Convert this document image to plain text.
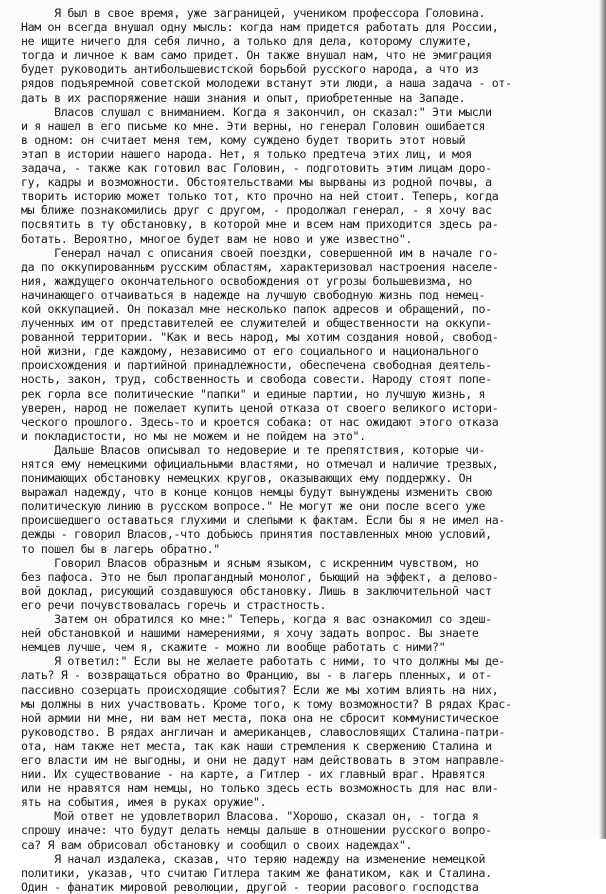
Я был в свое время, уже заграницей, учеником профессора Головина.
Нам он всегда внушал одну мысль: когда нам придется работать для России,
не ищите ничего для себя лично, а только для дела, которому служите,
тогда и личное к вам само придет. Он также внушал нам, что не эмиграция
будет руководить антибольшевистской борьбой русского народа, а что из
рядов подъяремной советской молодежи встанут эти люди, а наша задача - от-
дать в их распоряжение наши знания и опыт, приобретенные на Западе.
Власов слушал с вниманием. Когда я закончил, он сказал:" Эти мысли
и я нашел в его письме ко мне. Эти верны, но генерал Головин ошибается
в одном: он считает меня тем, кому суждено будет творить этот новый
этап в истории нашего народа. Нет, я только предтеча этих лиц, и моя
задача, - также как готовил вас Головин, - подготовить этим лицам доро-
гу, кадры и возможности. Обстоятельствами мы вырваны из родной почвы, а
творить историю может только тот, кто прочно на ней стоит. Теперь, когда
мы ближе познакомились друг с другом, - продолжал генерал, - я хочу вас
посвятить в ту обстановку, в которой мне и всем нам приходится здесь ра-
ботать. Вероятно, многое будет вам не ново и уже известно".
Генерал начал с описания своей поездки, совершенной им в начале го-
да по оккупированным русским областям, характеризовал настроения населе-
ния, жаждущего окончательного освобождения от угрозы большевизма, но
начинающего отчаиваться в надежде на лучшую свободную жизнь под немец-
кой оккупацией. Он показал мне несколько папок адресов и обращений, по-
лученных им от представителей ее служителей и общественности на оккупи-
рованной территории. "Как и весь народ, мы хотим создания новой, свобод-
ной жизни, где каждому, независимо от его социального и национального
происхождения и партийной принадлежности, обеспечена свободная деятель-
ность, закон, труд, собственность и свобода совести. Народу стоят попе-
рек горла все политические "папки" и единые партии, но лучшую жизнь, я
уверен, народ не пожелает купить ценой отказа от своего великого истори-
ческого прошлого. Здесь-то и кроется собака: от нас ожидают этого отказа
и покладистости, но мы не можем и не пойдем на это".
Дальше Власов описывал то недоверие и те препятствия, которые чи-
нятся ему немецкими официальными властями, но отмечал и наличие трезвых,
понимающих обстановку немецких кругов, оказывающих ему поддержку. Он
выражал надежду, что в конце концов немцы будут вынуждены изменить свою
политическую линию в русском вопросе." Не могут же они после всего уже
происшедшего оставаться глухими и слепыми к фактам. Если бы я не имел на-
дежды - говорил Власов,-что добьюсь принятия поставленных мною условий,
то пошел бы в лагерь обратно."
Говорил Власов образным и ясным языком, с искренним чувством, но
без пафоса. Это не был пропагандный монолог, бьющий на эффект, а делово-
вой доклад, рисующий создавшуюся обстановку. Лишь в заключительной част
его речи почувствовалась горечь и страстность.
Затем он обратился ко мне:" Теперь, когда я вас ознакомил со здеш-
ней обстановкой и нашими намерениями, я хочу задать вопрос. Вы знаете
немцев лучше, чем я, скажите - можно ли вообще работать с ними?"
Я ответил:" Если вы не желаете работать с ними, то что должны мы де-
лать? Я - возвращаться обратно во Францию, вы - в лагерь пленных, и от-
пассивно созерцать происходящие события? Если же мы хотим влиять на них,
мы должны в них участвовать. Кроме того, к тому возможности? В рядах Крас-
ной армии ни мне, ни вам нет места, пока она не сбросит коммунистическое
руководство. В рядах англичан и американцев, славословящих Сталина-патри-
ота, нам также нет места, так как наши стремления к свержению Сталина и
его власти им не выгодны, и они не дадут нам действовать в этом направле-
нии. Их существование - на карте, а Гитлер - их главный враг. Нравятся
или не нравятся нам немцы, но только здесь есть возможность для нас вли-
ять на события, имея в руках оружие".
Мой ответ не удовлетворил Власова. "Хорошо, сказал он, - тогда я
спрошу иначе: что будут делать немцы дальше в отношении русского вопро-
са? Я вам обрисовал обстановку и сообщил о своих надеждах".
Я начал издалека, сказав, что теряю надежду на изменение немецкой
политики, указав, что считаю Гитлера таким же фанатиком, как и Сталина.
Один - фанатик мировой революции, другой - теории расового господства
